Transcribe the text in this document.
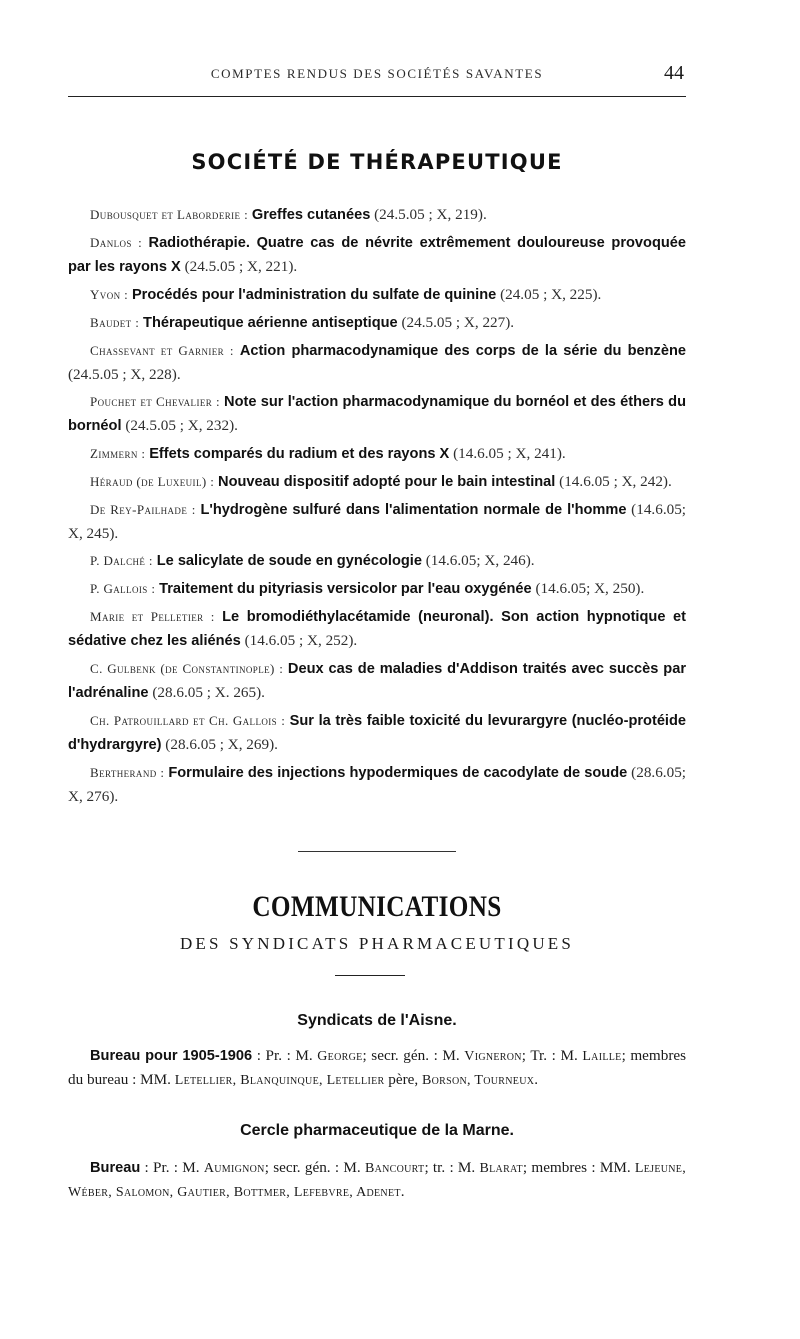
COMPTES RENDUS DES SOCIÉTÉS SAVANTES	44
SOCIÉTÉ DE THÉRAPEUTIQUE

Dubousquet et Laborderie : Greffes cutanées (24.5.05 ; X, 219).

Danlos : Radiothérapie. Quatre cas de névrite extrêmement douloureuse provoquée par les rayons X (24.5.05 ; X, 221).

Yvon : Procédés pour l'administration du sulfate de quinine (24.05 ; X, 225).

Baudet : Thérapeutique aérienne antiseptique (24.5.05 ; X, 227).

Chassevant et Garnier : Action pharmacodynamique des corps de la série du benzène (24.5.05 ; X, 228).

Pouchet et Chevalier : Note sur l'action pharmacodynamique du bornéol et des éthers du bornéol (24.5.05 ; X, 232).

Zimmern : Effets comparés du radium et des rayons X (14.6.05 ; X, 241).

Héraud (de Luxeuil) : Nouveau dispositif adopté pour le bain intestinal (14.6.05 ; X, 242).

De Rey-Pailhade : L'hydrogène sulfuré dans l'alimentation normale de l'homme (14.6.05; X, 245).

P. Dalché : Le salicylate de soude en gynécologie (14.6.05; X, 246).

P. Gallois : Traitement du pityriasis versicolor par l'eau oxygénée (14.6.05; X, 250).

Marie et Pelletier : Le bromodiéthylacétamide (neuronal). Son action hypnotique et sédative chez les aliénés (14.6.05 ; X, 252).

C. Gulbenk (de Constantinople) : Deux cas de maladies d'Addison traités avec succès par l'adrénaline (28.6.05 ; X. 265).

Ch. Patrouillard et Ch. Gallois : Sur la très faible toxicité du levurargyre (nucléo-protéide d'hydrargyre) (28.6.05 ; X, 269).

Bertherand : Formulaire des injections hypodermiques de cacodylate de soude (28.6.05; X, 276).

COMMUNICATIONS
DES SYNDICATS PHARMACEUTIQUES
Syndicats de l'Aisne.

Bureau pour 1905-1906 : Pr. : M. George; secr. gén. : M. Vigneron; Tr. : M. Laille; membres du bureau : MM. Letellier, Blanquinque, Letellier père, Borson, Tourneux.

Cercle pharmaceutique de la Marne.

Bureau : Pr. : M. Aumignon; secr. gén. : M. Bancourt; tr. : M. Blarat; membres : MM. Lejeune, Wéber, Salomon, Gautier, Bottmer, Lefebvre, Adenet.
